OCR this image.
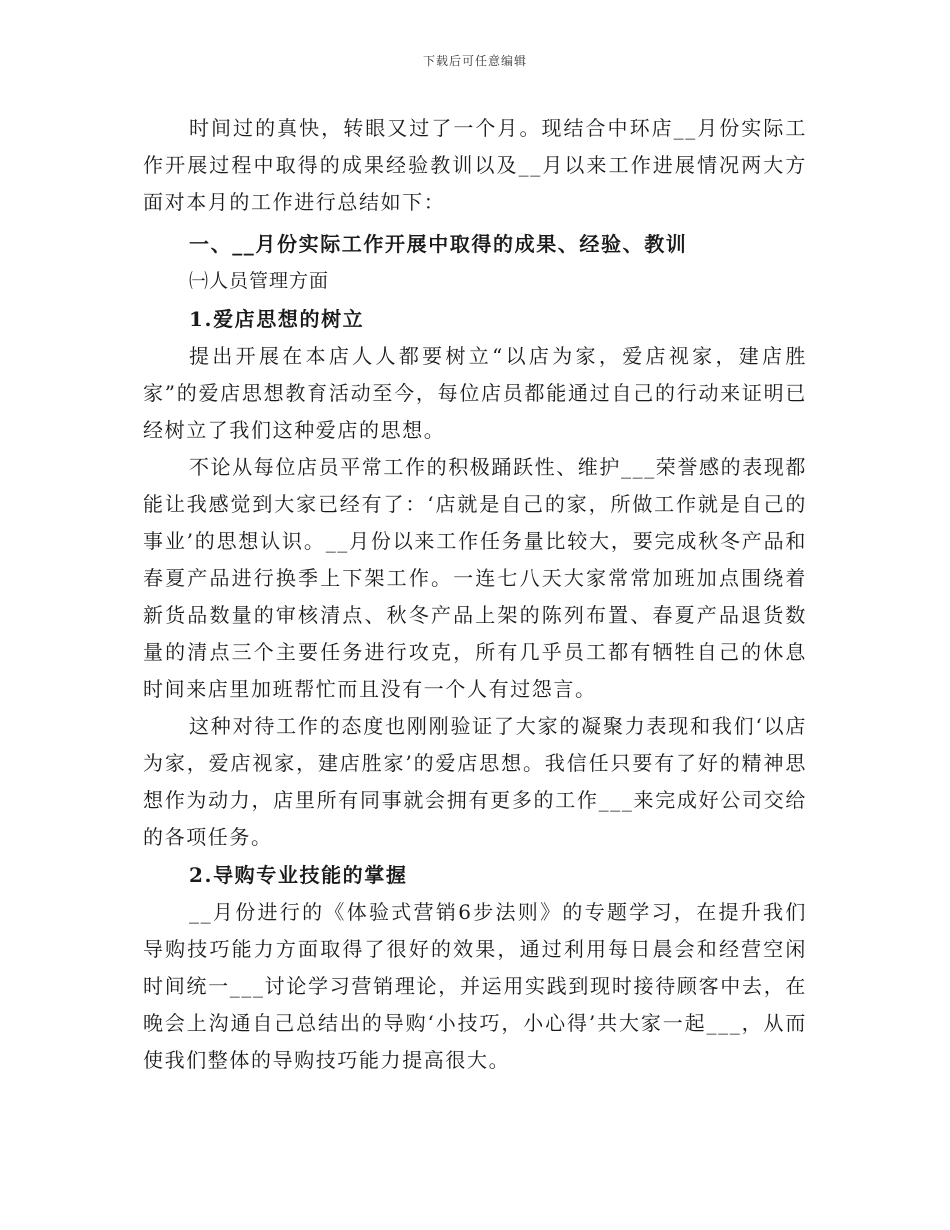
下载后可任意编辑

时间过的真快，转眼又过了一个月。现结合中环店__月份实际工作开展过程中取得的成果经验教训以及__月以来工作进展情况两大方面对本月的工作进行总结如下：

一、__月份实际工作开展中取得的成果、经验、教训

㈠人员管理方面

1.爱店思想的树立

提出开展在本店人人都要树立“以店为家，爱店视家，建店胜家”的爱店思想教育活动至今，每位店员都能通过自己的行动来证明已经树立了我们这种爱店的思想。

不论从每位店员平常工作的积极踊跃性、维护___荣誉感的表现都能让我感觉到大家已经有了：‘店就是自己的家，所做工作就是自己的事业’的思想认识。__月份以来工作任务量比较大，要完成秋冬产品和春夏产品进行换季上下架工作。一连七八天大家常常加班加点围绕着新货品数量的审核清点、秋冬产品上架的陈列布置、春夏产品退货数量的清点三个主要任务进行攻克，所有几乎员工都有牺牲自己的休息时间来店里加班帮忙而且没有一个人有过怨言。

这种对待工作的态度也刚刚验证了大家的凝聚力表现和我们‘以店为家，爱店视家，建店胜家’的爱店思想。我信任只要有了好的精神思想作为动力，店里所有同事就会拥有更多的工作___来完成好公司交给的各项任务。

2.导购专业技能的掌握

__月份进行的《体验式营销6步法则》的专题学习，在提升我们导购技巧能力方面取得了很好的效果，通过利用每日晨会和经营空闲时间统一___讨论学习营销理论，并运用实践到现时接待顾客中去，在晚会上沟通自己总结出的导购‘小技巧，小心得’共大家一起___，从而使我们整体的导购技巧能力提高很大。
